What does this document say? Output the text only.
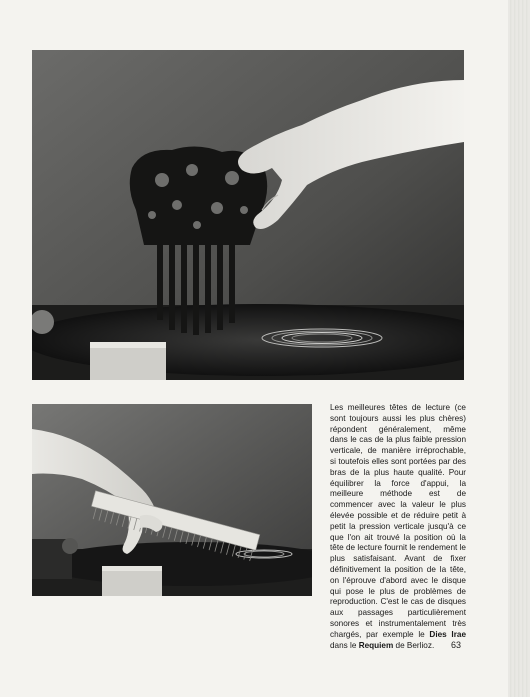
Les meilleures têtes de lecture (ce sont toujours aussi les plus chères) répondent généralement, même dans le cas de la plus faible pression verticale, de manière irréprochable, si toutefois elles sont portées par des bras de la plus haute qualité. Pour équilibrer la force d'appui, la meilleure méthode est de commencer avec la valeur le plus élevée possible et de réduire petit à petit la pression verticale jusqu'à ce que l'on ait trouvé la position où la tête de lecture fournit le rendement le plus satisfaisant. Avant de fixer définitivement la position de la tête, on l'éprouve d'abord avec le disque qui pose le plus de problèmes de reproduction. C'est le cas de disques aux passages particulièrement sonores et instrumentalement très chargés, par exemple le Dies Irae dans le Requiem de Berlioz.	63
